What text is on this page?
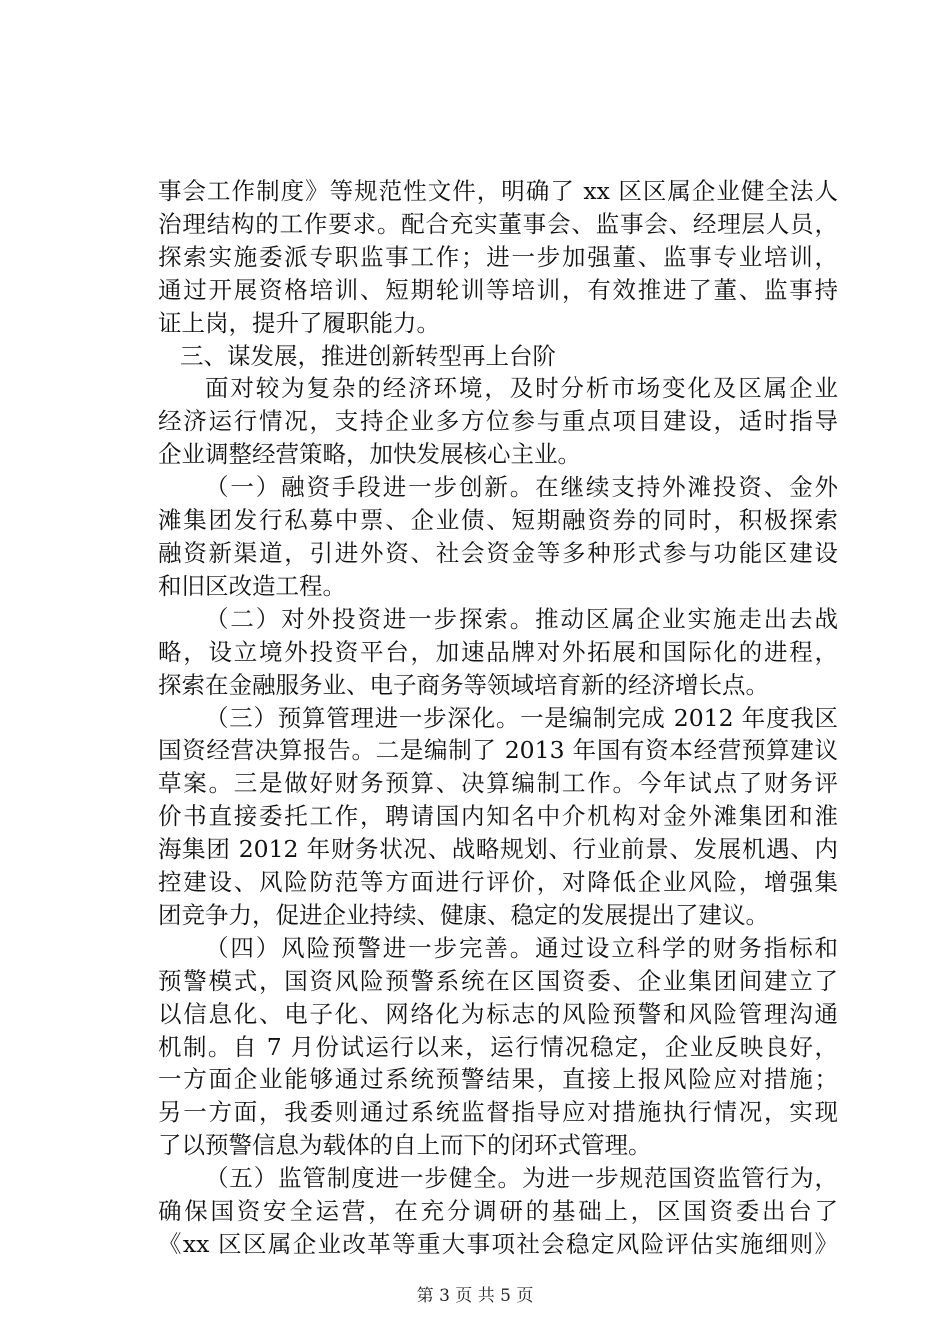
事会工作制度》等规范性文件，明确了 xx 区区属企业健全法人
治理结构的工作要求。配合充实董事会、监事会、经理层人员，
探索实施委派专职监事工作；进一步加强董、监事专业培训，
通过开展资格培训、短期轮训等培训，有效推进了董、监事持
证上岗，提升了履职能力。
三、谋发展，推进创新转型再上台阶
面对较为复杂的经济环境，及时分析市场变化及区属企业
经济运行情况，支持企业多方位参与重点项目建设，适时指导
企业调整经营策略，加快发展核心主业。
（一）融资手段进一步创新。在继续支持外滩投资、金外
滩集团发行私募中票、企业债、短期融资券的同时，积极探索
融资新渠道，引进外资、社会资金等多种形式参与功能区建设
和旧区改造工程。
（二）对外投资进一步探索。推动区属企业实施走出去战
略，设立境外投资平台，加速品牌对外拓展和国际化的进程，
探索在金融服务业、电子商务等领域培育新的经济增长点。
（三）预算管理进一步深化。一是编制完成 2012 年度我区
国资经营决算报告。二是编制了 2013 年国有资本经营预算建议
草案。三是做好财务预算、决算编制工作。今年试点了财务评
价书直接委托工作，聘请国内知名中介机构对金外滩集团和淮
海集团 2012 年财务状况、战略规划、行业前景、发展机遇、内
控建设、风险防范等方面进行评价，对降低企业风险，增强集
团竞争力，促进企业持续、健康、稳定的发展提出了建议。
（四）风险预警进一步完善。通过设立科学的财务指标和
预警模式，国资风险预警系统在区国资委、企业集团间建立了
以信息化、电子化、网络化为标志的风险预警和风险管理沟通
机制。自 7 月份试运行以来，运行情况稳定，企业反映良好，
一方面企业能够通过系统预警结果，直接上报风险应对措施；
另一方面，我委则通过系统监督指导应对措施执行情况，实现
了以预警信息为载体的自上而下的闭环式管理。
（五）监管制度进一步健全。为进一步规范国资监管行为，
确保国资安全运营，在充分调研的基础上，区国资委出台了
《xx 区区属企业改革等重大事项社会稳定风险评估实施细则》
第 3 页 共 5 页
